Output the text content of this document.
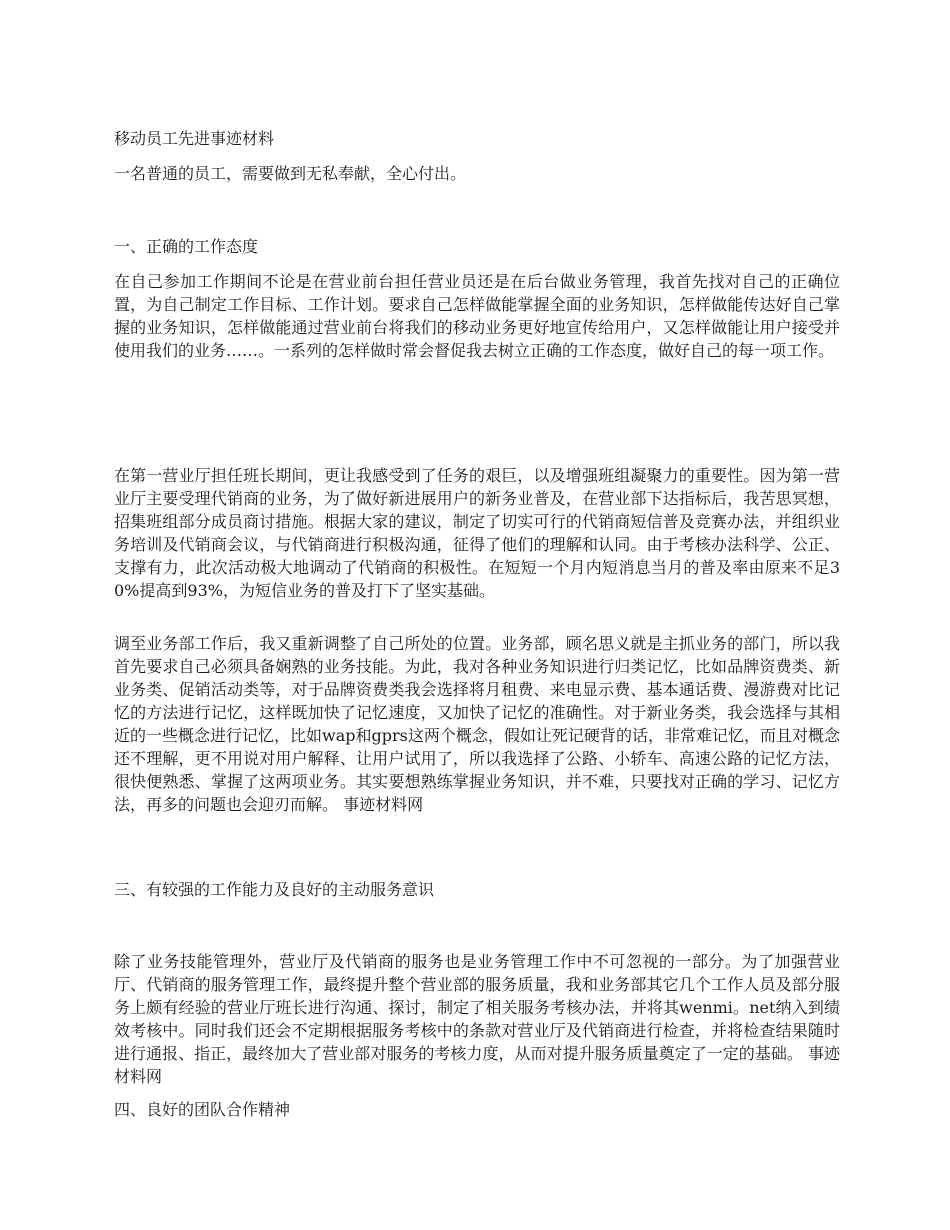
移动员工先进事迹材料
一名普通的员工，需要做到无私奉献，全心付出。
一、正确的工作态度

在自己参加工作期间不论是在营业前台担任营业员还是在后台做业务管理，我首先找对自己的正确位置，为自己制定工作目标、工作计划。要求自己怎样做能掌握全面的业务知识，怎样做能传达好自己掌握的业务知识，怎样做能通过营业前台将我们的移动业务更好地宣传给用户，又怎样做能让用户接受并使用我们的业务……。一系列的怎样做时常会督促我去树立正确的工作态度，做好自己的每一项工作。

在第一营业厅担任班长期间，更让我感受到了任务的艰巨，以及增强班组凝聚力的重要性。因为第一营业厅主要受理代销商的业务，为了做好新进展用户的新务业普及，在营业部下达指标后，我苦思冥想，招集班组部分成员商讨措施。根据大家的建议，制定了切实可行的代销商短信普及竞赛办法，并组织业务培训及代销商会议，与代销商进行积极沟通，征得了他们的理解和认同。由于考核办法科学、公正、支撑有力，此次活动极大地调动了代销商的积极性。在短短一个月内短消息当月的普及率由原来不足30%提高到93%，为短信业务的普及打下了坚实基础。

调至业务部工作后，我又重新调整了自己所处的位置。业务部，顾名思义就是主抓业务的部门，所以我首先要求自己必须具备娴熟的业务技能。为此，我对各种业务知识进行归类记忆，比如品牌资费类、新业务类、促销活动类等，对于品牌资费类我会选择将月租费、来电显示费、基本通话费、漫游费对比记忆的方法进行记忆，这样既加快了记忆速度，又加快了记忆的准确性。对于新业务类，我会选择与其相近的一些概念进行记忆，比如wap和gprs这两个概念，假如让死记硬背的话，非常难记忆，而且对概念还不理解，更不用说对用户解释、让用户试用了，所以我选择了公路、小轿车、高速公路的记忆方法，很快便熟悉、掌握了这两项业务。其实要想熟练掌握业务知识，并不难，只要找对正确的学习、记忆方法，再多的问题也会迎刃而解。 事迹材料网

三、有较强的工作能力及良好的主动服务意识

除了业务技能管理外，营业厅及代销商的服务也是业务管理工作中不可忽视的一部分。为了加强营业厅、代销商的服务管理工作，最终提升整个营业部的服务质量，我和业务部其它几个工作人员及部分服务上颇有经验的营业厅班长进行沟通、探讨，制定了相关服务考核办法，并将其wenmi。net纳入到绩效考核中。同时我们还会不定期根据服务考核中的条款对营业厅及代销商进行检查，并将检查结果随时进行通报、指正，最终加大了营业部对服务的考核力度，从而对提升服务质量奠定了一定的基础。 事迹材料网

四、良好的团队合作精神
